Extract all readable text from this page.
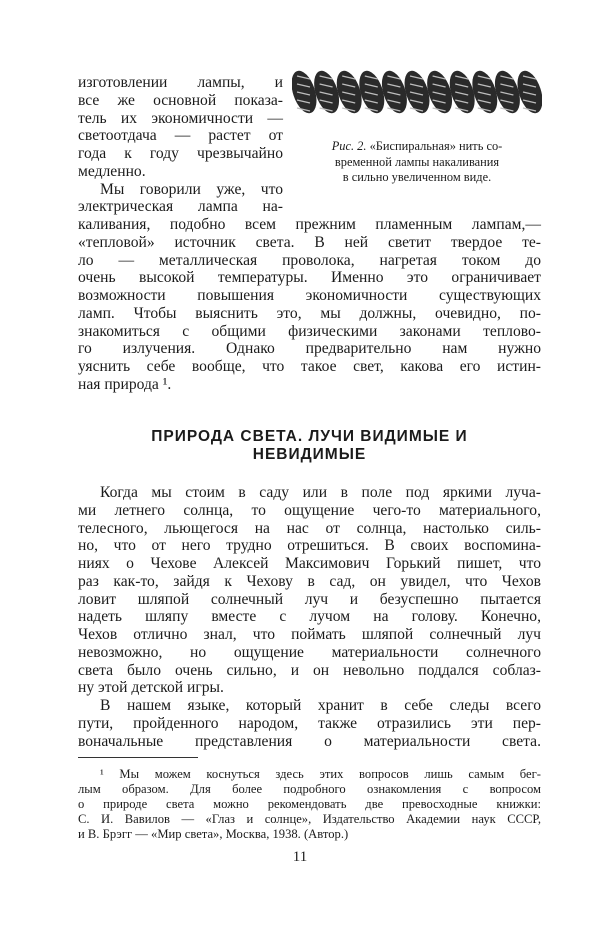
Рис. 2. «Биспиральная» нить со-
временной лампы накаливания
в сильно увеличенном виде.
ПРИРОДА СВЕТА. ЛУЧИ ВИДИМЫЕ И
НЕВИДИМЫЕ
11
изготовлении лампы, и
все же основной показа-
тель их экономичности —
светоотдача — растет от
года к году чрезвычайно
медленно.
Мы говорили уже, что
электрическая лампа на-
каливания, подобно всем прежним пламенным лампам,—
«тепловой» источник света. В ней светит твердое те-
ло — металлическая проволока, нагретая током до
очень высокой температуры. Именно это ограничивает
возможности повышения экономичности существующих
ламп. Чтобы выяснить это, мы должны, очевидно, по-
знакомиться с общими физическими законами теплово-
го излучения. Однако предварительно нам нужно
уяснить себе вообще, что такое свет, какова его истин-
ная природа ¹.
Когда мы стоим в саду или в поле под яркими луча-
ми летнего солнца, то ощущение чего-то материального,
телесного, льющегося на нас от солнца, настолько силь-
но, что от него трудно отрешиться. В своих воспомина-
ниях о Чехове Алексей Максимович Горький пишет, что
раз как-то, зайдя к Чехову в сад, он увидел, что Чехов
ловит шляпой солнечный луч и безуспешно пытается
надеть шляпу вместе с лучом на голову. Конечно,
Чехов отлично знал, что поймать шляпой солнечный луч
невозможно, но ощущение материальности солнечного
света было очень сильно, и он невольно поддался соблаз-
ну этой детской игры.
В нашем языке, который хранит в себе следы всего
пути, пройденного народом, также отразились эти пер-
воначальные представления о материальности света.
¹ Мы можем коснуться здесь этих вопросов лишь самым бег-
лым образом. Для более подробного ознакомления с вопросом
о природе света можно рекомендовать две превосходные книжки:
С. И. Вавилов — «Глаз и солнце», Издательство Академии наук СССР,
и В. Брэгг — «Мир света», Москва, 1938. (Автор.)
